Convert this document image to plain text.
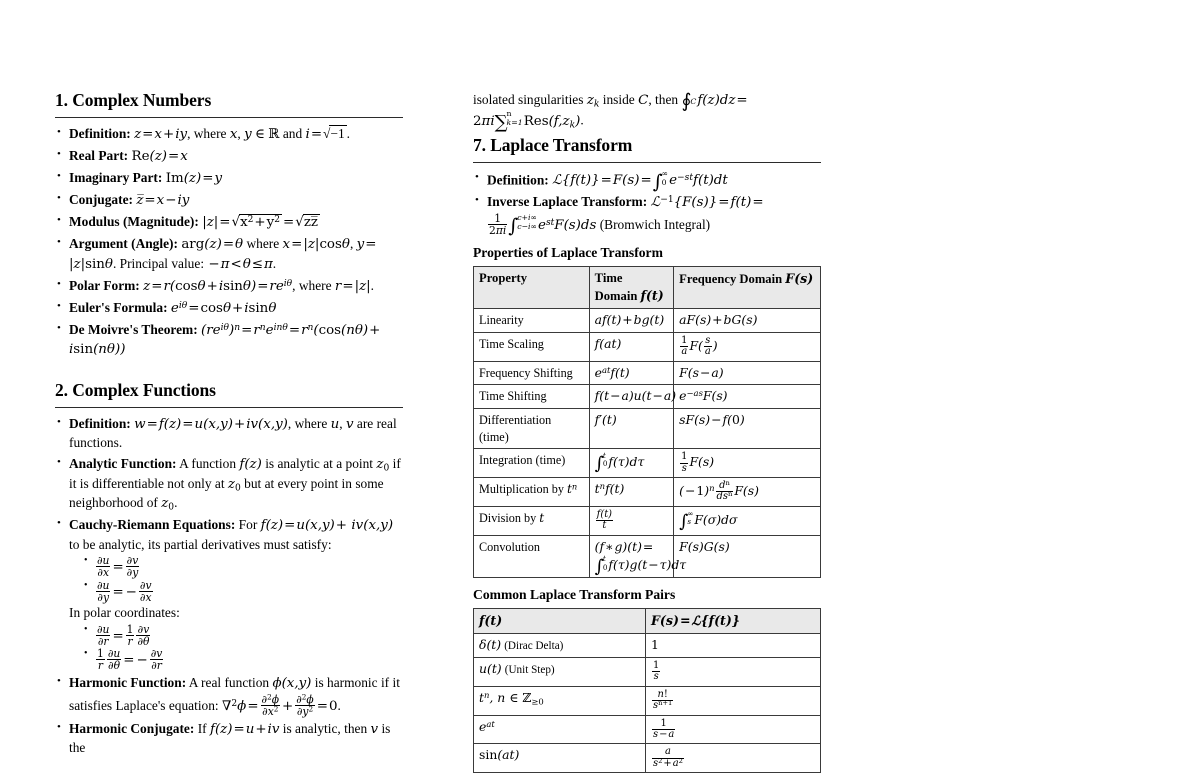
1. Complex Numbers
• Definition: z=x+iy, where x, y ∈ ℝ and i=√−1 .
• Real Part: Re(z)=x
• Imaginary Part: Im(z)=y
• Conjugate: z̅=x−iy
• Modulus (Magnitude): $|z|=√x^2+y^2$ =√zz̅
• Argument (Angle): arg(z)=θ where x=|z|cosθ, y= |z|sinθ. Principal value: −π<θ≤π.
• Polar Form: $z=r(\cos\theta+isin\theta)=re^{i\theta}$, where r=|z|.
• Euler's Formula: $e^{i\theta}=\cos\theta+isin\theta$
• De Moivre's Theorem: $(re^{i\theta})^n=r^ne^{in\theta}=r^n(\cos(n\theta)+ isin(n\theta))$
2. Complex Functions
• Definition: w=f(z)=u(x,y)+iv(x,y), where u, v are real functions.
• Analytic Function: A function f(z) is analytic at a point $z_0$ if it is differentiable not only at $z_0$ but at every point in some neighborhood of $z_0$.
• Cauchy-Riemann Equations: For f(z)=u(x,y)+ iv(x,y) to be analytic, its partial derivatives must satisfy:
• $\frac{\partial u}{\partial x} = \frac{\partial v}{\partial y}$
• $\frac{\partial u}{\partial y}$ = − $\frac{\partial v}{\partial x}$
In polar coordinates:
• $\frac{\partial u}{\partial r} = \frac{1}{r} \frac{\partial v}{\partial\theta}$
• $\frac{1}{r} \frac{\partial u}{\partial\theta}$ = − $\frac{\partial v}{\partial r}$
• Harmonic Function: A real function ϕ(x,y) is harmonic if it satisfies Laplace's equation: $\nabla^2\phi= \frac{\partial^2\phi}{\partial x^2} + \frac{\partial^2\phi}{\partial y^2} =0$.
• Harmonic Conjugate: If f(z)=u+iv is analytic, then v is the
isolated singularities $z_k$ inside C, then ∮ C f(z)dz= 2πi∑ n
k=1 $Res(f,z_k)$.
7. Laplace Transform
• Definition: ℒ{f(t)}=F(s)=∫ ∞
0 $e^{-st}f(t)dt$
• Inverse Laplace Transform: ℒ$^{-1}${F(s)}=f(t)=
$\frac{1}{2\pi i}$ ∫ c+i∞
c−i∞ $e^{st}F(s)ds$ (Bromwich Integral)
Properties of Laplace Transform
Property	Time Domain f(t)	Frequency Domain F(s)
Linearity	af(t)+bg(t)	aF(s)+bG(s)
Time Scaling	f(at)	$\frac{1}{a} F( \frac{s}{a}$ )
Frequency Shifting	$e^{at}f(t)$	F(s−a)
Time Shifting	f(t−a)u(t−a)	$e^{-as}F(s)$
Differentiation (time)	f′(t)	sF(s)−f(0)
Integration (time)	∫ t
0 f(τ)dτ	$\frac{1}{s} F(s)$
Multiplication by $t^n$	$t^nf(t)$	$(-1)^n \frac{d^n}{ds^n} F(s)$
Division by t	$\frac{f(t)}{t}$	∫ ∞
s F(σ)dσ
Convolution	(f∗g)(t)=
∫ t
0 f(τ)g(t−τ)dτ	F(s)G(s)
Common Laplace Transform Pairs
f(t)	F(s)=ℒ{f(t)}
δ(t) (Dirac Delta)	1
u(t) (Unit Step)	$\frac{1}{s}$

$t^n$, n ∈ ℤ$_{\ge 0}$	$\frac{n!}{s^{n+1}}$

$e^{at}$	$\frac{1}{s-a}$

sin(at)	$\frac{a}{s^2+a^2}$
